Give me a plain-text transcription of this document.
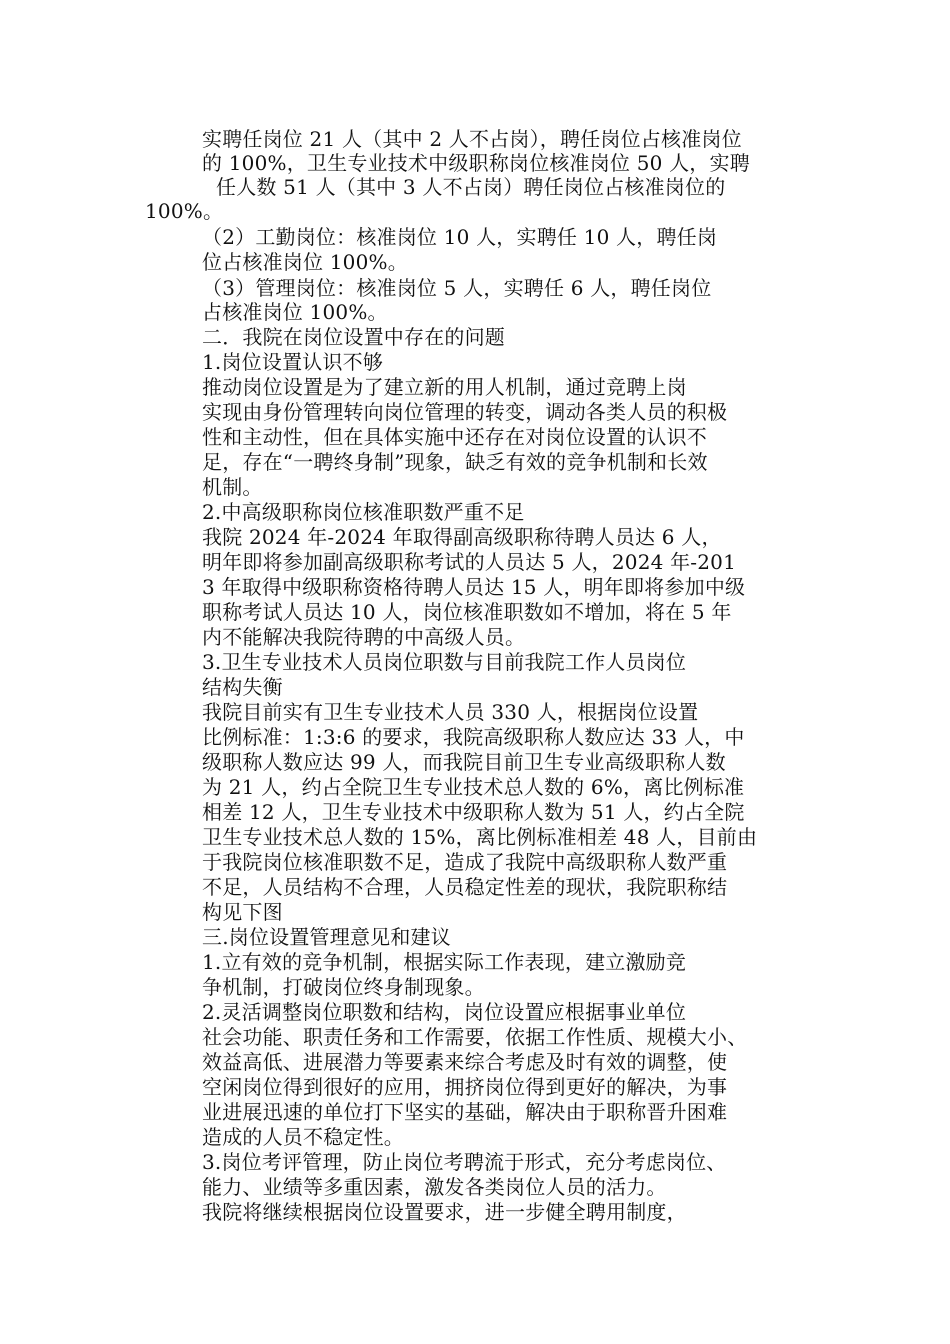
实聘任岗位 21 人（其中 2 人不占岗），聘任岗位占核准岗位
的 100%，卫生专业技术中级职称岗位核准岗位 50 人，实聘
任人数 51 人（其中 3 人不占岗）聘任岗位占核准岗位的
100%。
（2）工勤岗位：核准岗位 10 人，实聘任 10 人，聘任岗
位占核准岗位 100%。
（3）管理岗位：核准岗位 5 人，实聘任 6 人，聘任岗位
占核准岗位 100%。
二．我院在岗位设置中存在的问题
1.岗位设置认识不够
推动岗位设置是为了建立新的用人机制，通过竞聘上岗
实现由身份管理转向岗位管理的转变，调动各类人员的积极
性和主动性，但在具体实施中还存在对岗位设置的认识不
足，存在“一聘终身制”现象，缺乏有效的竞争机制和长效
机制。
2.中高级职称岗位核准职数严重不足
我院 2024 年-2024 年取得副高级职称待聘人员达 6 人，
明年即将参加副高级职称考试的人员达 5 人，2024 年-201
3 年取得中级职称资格待聘人员达 15 人，明年即将参加中级
职称考试人员达 10 人，岗位核准职数如不增加，将在 5 年
内不能解决我院待聘的中高级人员。
3.卫生专业技术人员岗位职数与目前我院工作人员岗位
结构失衡
我院目前实有卫生专业技术人员 330 人，根据岗位设置
比例标准：1:3:6 的要求，我院高级职称人数应达 33 人，中
级职称人数应达 99 人，而我院目前卫生专业高级职称人数
为 21 人，约占全院卫生专业技术总人数的 6%，离比例标准
相差 12 人，卫生专业技术中级职称人数为 51 人，约占全院
卫生专业技术总人数的 15%，离比例标准相差 48 人，目前由
于我院岗位核准职数不足，造成了我院中高级职称人数严重
不足，人员结构不合理，人员稳定性差的现状，我院职称结
构见下图
三.岗位设置管理意见和建议
1.立有效的竞争机制，根据实际工作表现，建立激励竞
争机制，打破岗位终身制现象。
2.灵活调整岗位职数和结构，岗位设置应根据事业单位
社会功能、职责任务和工作需要，依据工作性质、规模大小、
效益高低、进展潜力等要素来综合考虑及时有效的调整，使
空闲岗位得到很好的应用，拥挤岗位得到更好的解决，为事
业进展迅速的单位打下坚实的基础，解决由于职称晋升困难
造成的人员不稳定性。
3.岗位考评管理，防止岗位考聘流于形式，充分考虑岗位、
能力、业绩等多重因素，激发各类岗位人员的活力。
我院将继续根据岗位设置要求，进一步健全聘用制度，
